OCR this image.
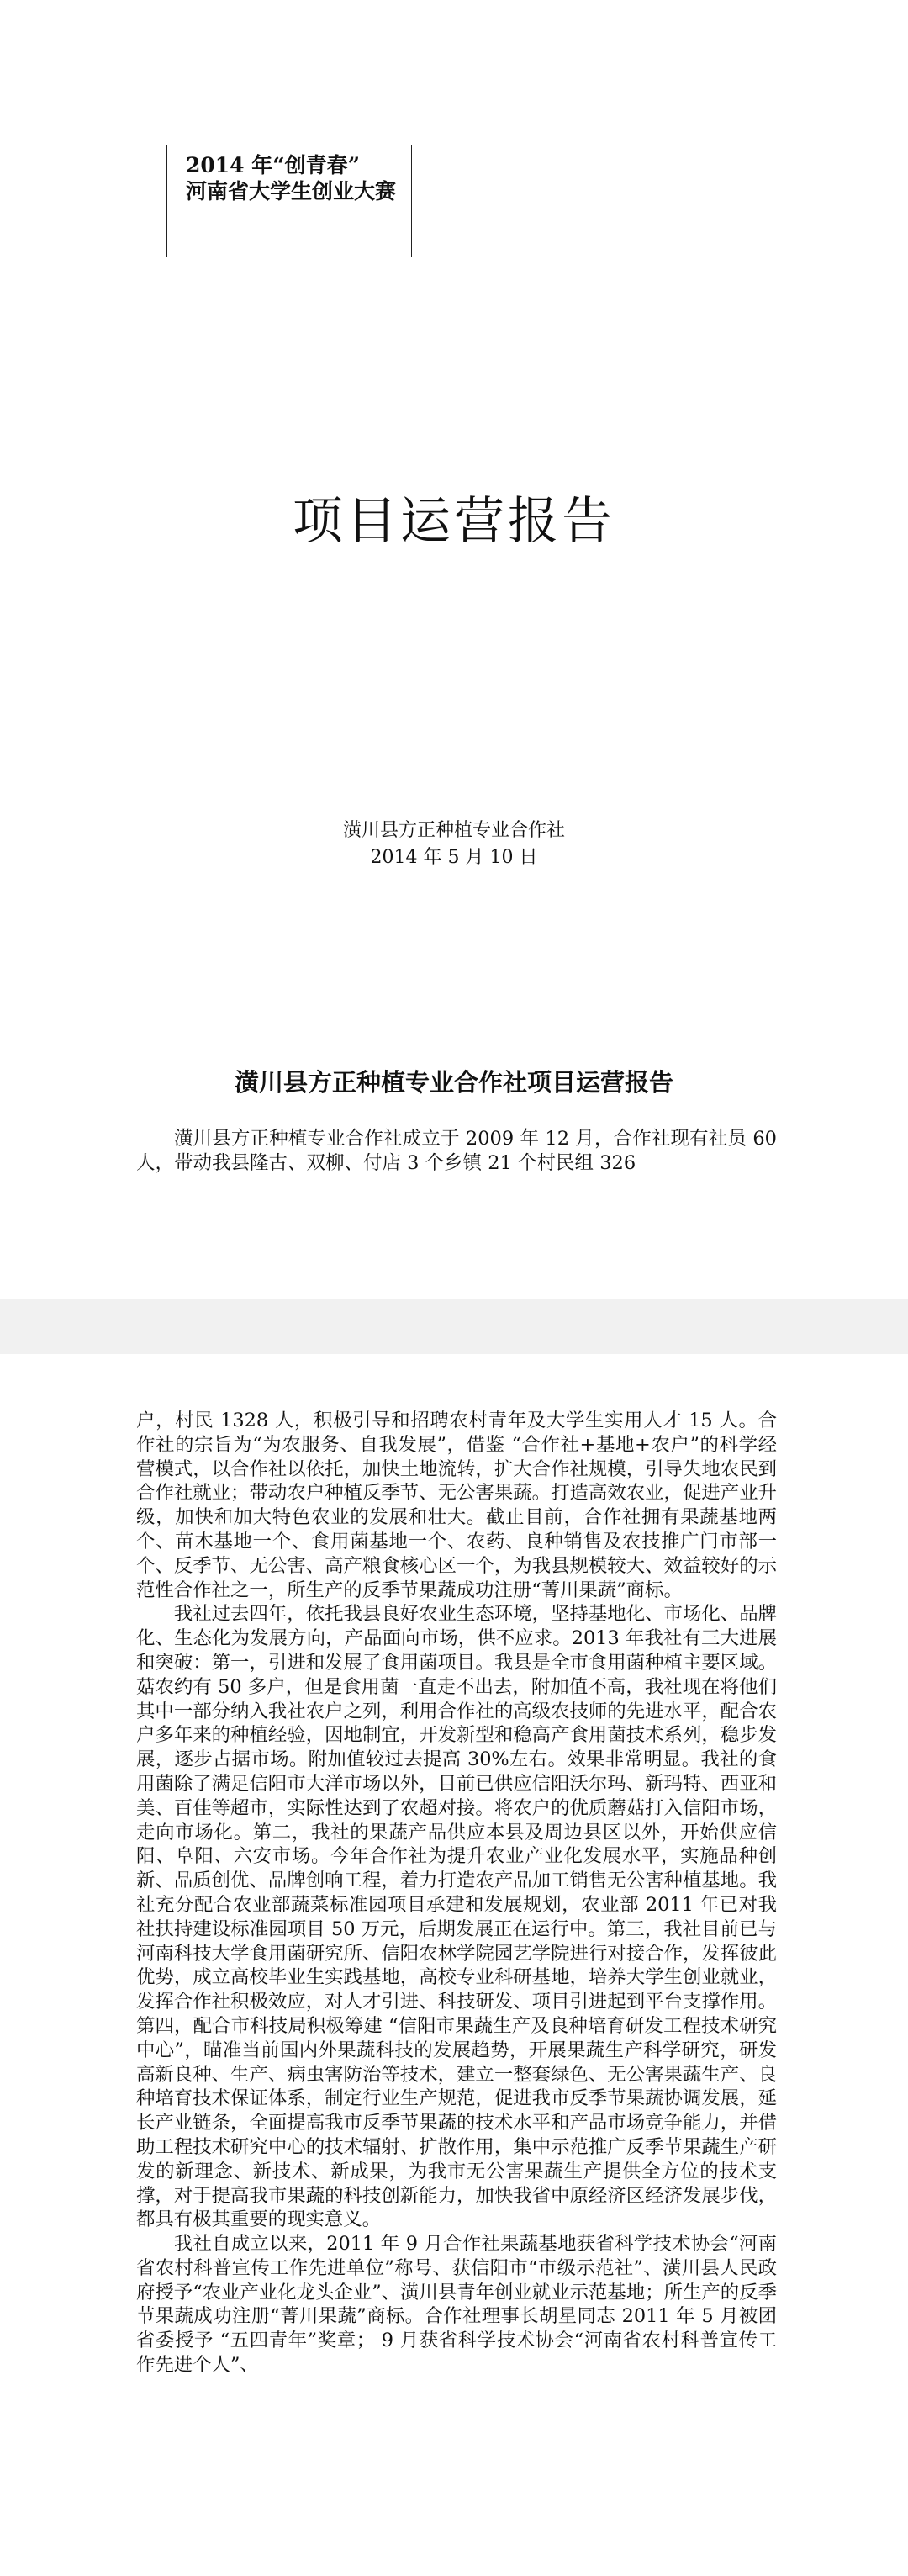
2014 年“创青春”
河南省大学生创业大赛
项目运营报告
潢川县方正种植专业合作社
2014 年 5 月 10 日
潢川县方正种植专业合作社项目运营报告

潢川县方正种植专业合作社成立于 2009 年 12 月，合作社现有社员 60 人，带动我县隆古、双柳、付店 3 个乡镇 21 个村民组 326

户，村民 1328 人，积极引导和招聘农村青年及大学生实用人才 15 人。合作社的宗旨为“为农服务、自我发展”，借鉴 “合作社+基地+农户”的科学经营模式，以合作社以依托，加快土地流转，扩大合作社规模，引导失地农民到合作社就业；带动农户种植反季节、无公害果蔬。打造高效农业，促进产业升级，加快和加大特色农业的发展和壮大。截止目前，合作社拥有果蔬基地两个、苗木基地一个、食用菌基地一个、农药、良种销售及农技推广门市部一个、反季节、无公害、高产粮食核心区一个，为我县规模较大、效益较好的示范性合作社之一，所生产的反季节果蔬成功注册“菁川果蔬”商标。

我社过去四年，依托我县良好农业生态环境，坚持基地化、市场化、品牌化、生态化为发展方向，产品面向市场，供不应求。2013 年我社有三大进展和突破：第一，引进和发展了食用菌项目。我县是全市食用菌种植主要区域。菇农约有 50 多户，但是食用菌一直走不出去，附加值不高，我社现在将他们其中一部分纳入我社农户之列，利用合作社的高级农技师的先进水平，配合农户多年来的种植经验，因地制宜，开发新型和稳高产食用菌技术系列，稳步发展，逐步占据市场。附加值较过去提高 30%左右。效果非常明显。我社的食用菌除了满足信阳市大洋市场以外，目前已供应信阳沃尔玛、新玛特、西亚和美、百佳等超市，实际性达到了农超对接。将农户的优质蘑菇打入信阳市场，走向市场化。第二，我社的果蔬产品供应本县及周边县区以外，开始供应信阳、阜阳、六安市场。今年合作社为提升农业产业化发展水平，实施品种创新、品质创优、品牌创响工程，着力打造农产品加工销售无公害种植基地。我社充分配合农业部蔬菜标准园项目承建和发展规划，农业部 2011 年已对我社扶持建设标准园项目 50 万元，后期发展正在运行中。第三，我社目前已与河南科技大学食用菌研究所、信阳农林学院园艺学院进行对接合作，发挥彼此优势，成立高校毕业生实践基地，高校专业科研基地，培养大学生创业就业，发挥合作社积极效应，对人才引进、科技研发、项目引进起到平台支撑作用。第四，配合市科技局积极筹建 “信阳市果蔬生产及良种培育研发工程技术研究中心”，瞄准当前国内外果蔬科技的发展趋势，开展果蔬生产科学研究，研发高新良种、生产、病虫害防治等技术，建立一整套绿色、无公害果蔬生产、良种培育技术保证体系，制定行业生产规范，促进我市反季节果蔬协调发展，延长产业链条，全面提高我市反季节果蔬的技术水平和产品市场竞争能力，并借助工程技术研究中心的技术辐射、扩散作用，集中示范推广反季节果蔬生产研发的新理念、新技术、新成果，为我市无公害果蔬生产提供全方位的技术支撑，对于提高我市果蔬的科技创新能力，加快我省中原经济区经济发展步伐，都具有极其重要的现实意义。

我社自成立以来，2011 年 9 月合作社果蔬基地获省科学技术协会“河南省农村科普宣传工作先进单位”称号、获信阳市“市级示范社”、潢川县人民政府授予“农业产业化龙头企业”、潢川县青年创业就业示范基地；所生产的反季节果蔬成功注册“菁川果蔬”商标。合作社理事长胡星同志 2011 年 5 月被团省委授予 “五四青年”奖章； 9 月获省科学技术协会“河南省农村科普宣传工作先进个人”、
